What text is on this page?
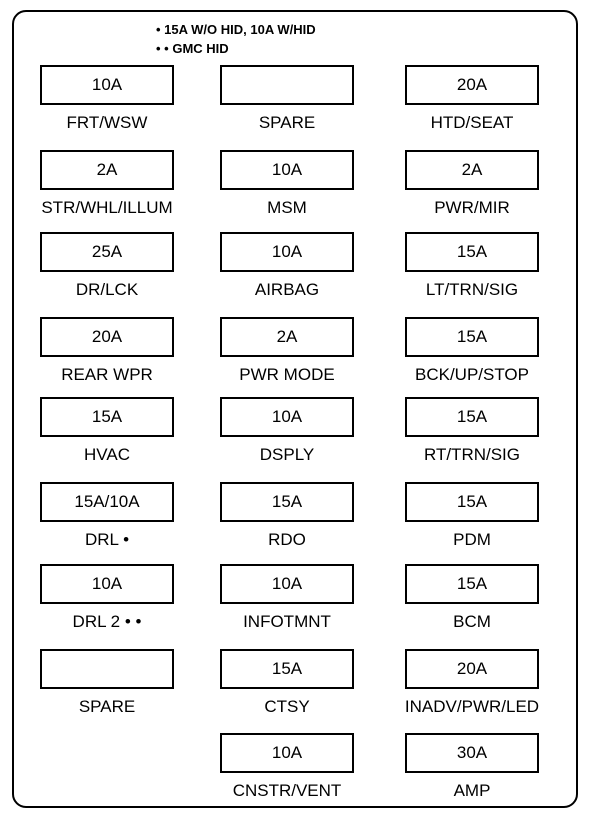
• 15A W/O HID, 10A W/HID
• • GMC HID
10A
FRT/WSW
2A
STR/WHL/ILLUM
25A
DR/LCK
20A
REAR WPR
15A
HVAC
15A/10A
DRL •
10A
DRL 2 • •
SPARE
SPARE
10A
MSM
10A
AIRBAG
2A
PWR MODE
10A
DSPLY
15A
RDO
10A
INFOTMNT
15A
CTSY
10A
CNSTR/VENT
20A
HTD/SEAT
2A
PWR/MIR
15A
LT/TRN/SIG
15A
BCK/UP/STOP
15A
RT/TRN/SIG
15A
PDM
15A
BCM
20A
INADV/PWR/LED
30A
AMP
